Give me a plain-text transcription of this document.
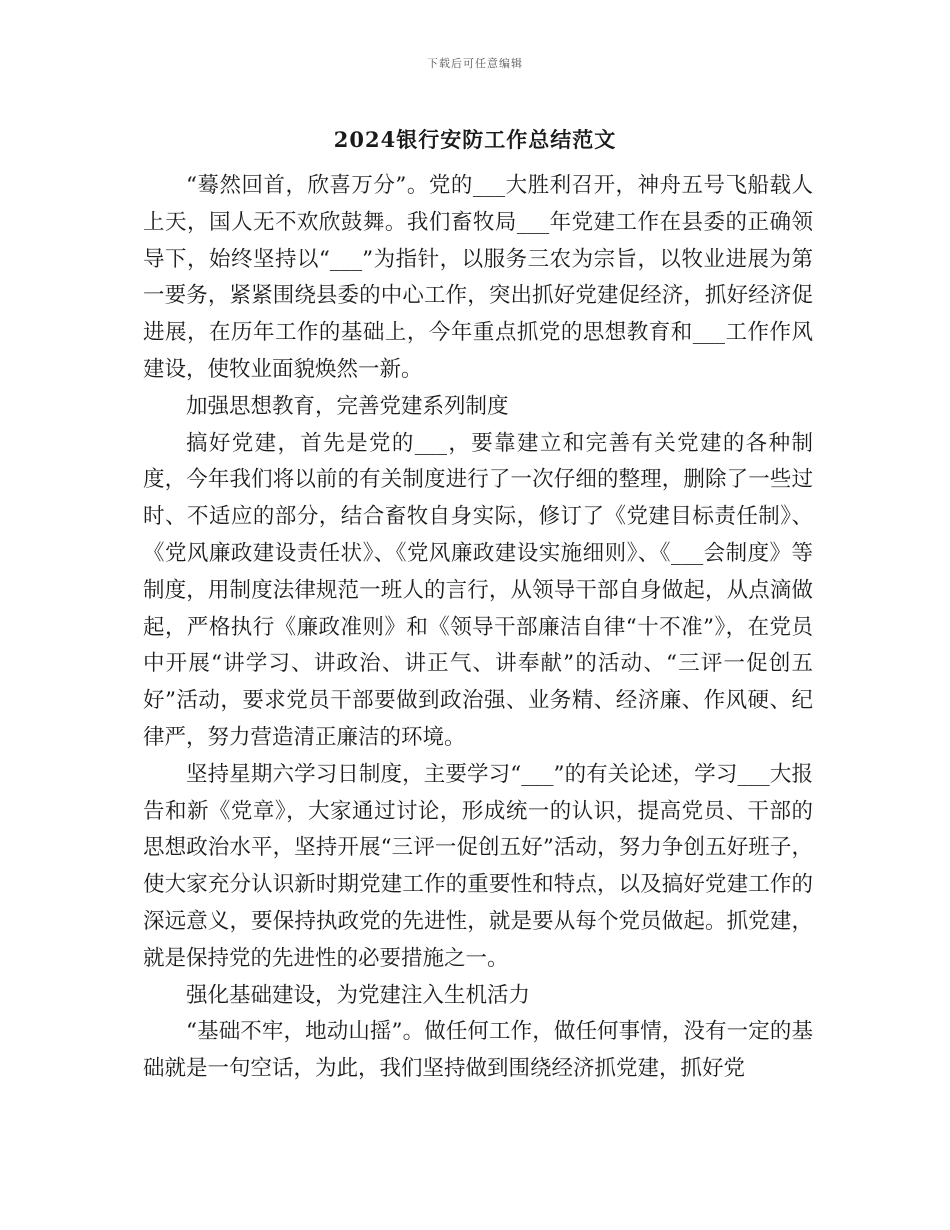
下载后可任意编辑
2024银行安防工作总结范文

“蓦然回首，欣喜万分”。党的___大胜利召开，神舟五号飞船载人上天，国人无不欢欣鼓舞。我们畜牧局___年党建工作在县委的正确领导下，始终坚持以“___”为指针，以服务三农为宗旨，以牧业进展为第一要务，紧紧围绕县委的中心工作，突出抓好党建促经济，抓好经济促进展，在历年工作的基础上，今年重点抓党的思想教育和___工作作风建设，使牧业面貌焕然一新。

加强思想教育，完善党建系列制度

搞好党建，首先是党的___，要靠建立和完善有关党建的各种制度，今年我们将以前的有关制度进行了一次仔细的整理，删除了一些过时、不适应的部分，结合畜牧自身实际，修订了《党建目标责任制》、《党风廉政建设责任状》、《党风廉政建设实施细则》、《___会制度》等制度，用制度法律规范一班人的言行，从领导干部自身做起，从点滴做起，严格执行《廉政准则》和《领导干部廉洁自律“十不准”》，在党员中开展“讲学习、讲政治、讲正气、讲奉献”的活动、“三评一促创五好”活动，要求党员干部要做到政治强、业务精、经济廉、作风硬、纪律严，努力营造清正廉洁的环境。

坚持星期六学习日制度，主要学习“___”的有关论述，学习___大报告和新《党章》，大家通过讨论，形成统一的认识，提高党员、干部的思想政治水平，坚持开展“三评一促创五好”活动，努力争创五好班子，使大家充分认识新时期党建工作的重要性和特点，以及搞好党建工作的深远意义，要保持执政党的先进性，就是要从每个党员做起。抓党建，就是保持党的先进性的必要措施之一。

强化基础建设，为党建注入生机活力

“基础不牢，地动山摇”。做任何工作，做任何事情，没有一定的基础就是一句空话，为此，我们坚持做到围绕经济抓党建，抓好党
